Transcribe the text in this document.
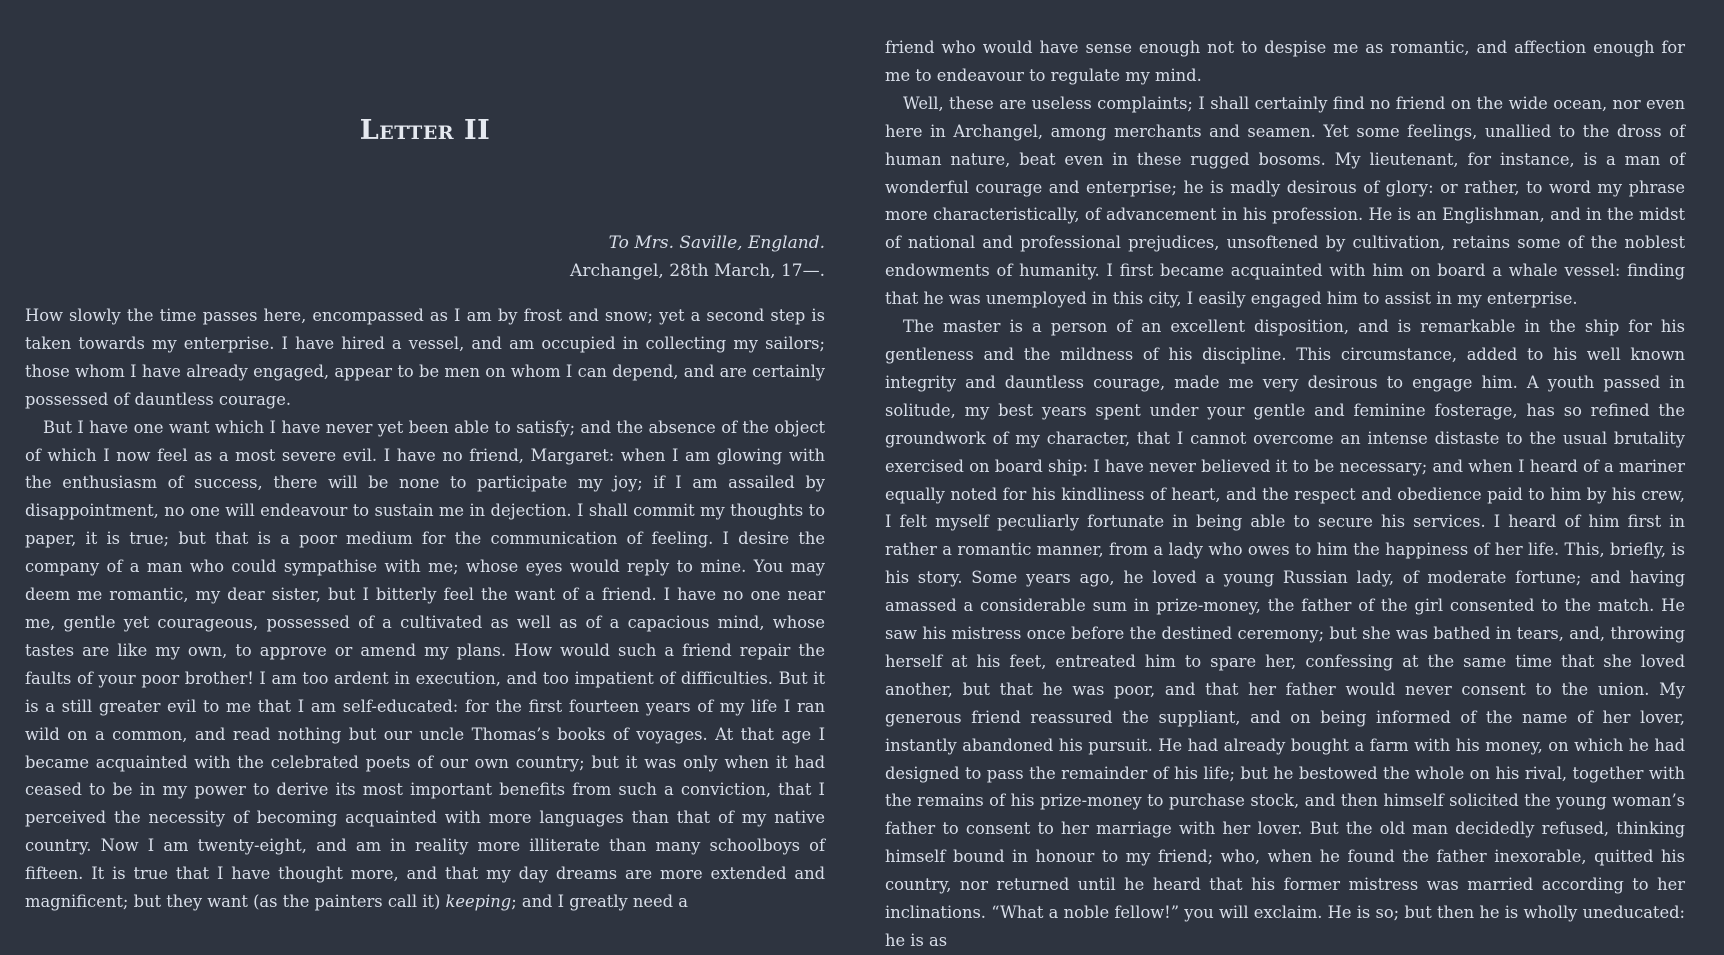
Letter II
To Mrs. Saville, England.
Archangel, 28th March, 17—.

How slowly the time passes here, encompassed as I am by frost and snow; yet a second step is taken towards my enterprise. I have hired a vessel, and am occupied in collecting my sailors; those whom I have already engaged, appear to be men on whom I can depend, and are certainly possessed of dauntless courage.

But I have one want which I have never yet been able to satisfy; and the absence of the object of which I now feel as a most severe evil. I have no friend, Margaret: when I am glowing with the enthusiasm of success, there will be none to participate my joy; if I am assailed by disappointment, no one will endeavour to sustain me in dejection. I shall commit my thoughts to paper, it is true; but that is a poor medium for the communication of feeling. I desire the company of a man who could sympathise with me; whose eyes would reply to mine. You may deem me romantic, my dear sister, but I bitterly feel the want of a friend. I have no one near me, gentle yet courageous, possessed of a cultivated as well as of a capacious mind, whose tastes are like my own, to approve or amend my plans. How would such a friend repair the faults of your poor brother! I am too ardent in execution, and too impatient of difficulties. But it is a still greater evil to me that I am self-educated: for the first fourteen years of my life I ran wild on a common, and read nothing but our uncle Thomas’s books of voyages. At that age I became acquainted with the celebrated poets of our own country; but it was only when it had ceased to be in my power to derive its most important benefits from such a conviction, that I perceived the necessity of becoming acquainted with more languages than that of my native country. Now I am twenty-eight, and am in reality more illiterate than many schoolboys of fifteen. It is true that I have thought more, and that my day dreams are more extended and magnificent; but they want (as the painters call it) keeping; and I greatly need a

friend who would have sense enough not to despise me as romantic, and affection enough for me to endeavour to regulate my mind.

Well, these are useless complaints; I shall certainly find no friend on the wide ocean, nor even here in Archangel, among merchants and seamen. Yet some feelings, unallied to the dross of human nature, beat even in these rugged bosoms. My lieutenant, for instance, is a man of wonderful courage and enterprise; he is madly desirous of glory: or rather, to word my phrase more characteristically, of advancement in his profession. He is an Englishman, and in the midst of national and professional prejudices, unsoftened by cultivation, retains some of the noblest endowments of humanity. I first became acquainted with him on board a whale vessel: finding that he was unemployed in this city, I easily engaged him to assist in my enterprise.

The master is a person of an excellent disposition, and is remarkable in the ship for his gentleness and the mildness of his discipline. This circumstance, added to his well known integrity and dauntless courage, made me very desirous to engage him. A youth passed in solitude, my best years spent under your gentle and feminine fosterage, has so refined the groundwork of my character, that I cannot overcome an intense distaste to the usual brutality exercised on board ship: I have never believed it to be necessary; and when I heard of a mariner equally noted for his kindliness of heart, and the respect and obedience paid to him by his crew, I felt myself peculiarly fortunate in being able to secure his services. I heard of him first in rather a romantic manner, from a lady who owes to him the happiness of her life. This, briefly, is his story. Some years ago, he loved a young Russian lady, of moderate fortune; and having amassed a considerable sum in prize-money, the father of the girl consented to the match. He saw his mistress once before the destined ceremony; but she was bathed in tears, and, throwing herself at his feet, entreated him to spare her, confessing at the same time that she loved another, but that he was poor, and that her father would never consent to the union. My generous friend reassured the suppliant, and on being informed of the name of her lover, instantly abandoned his pursuit. He had already bought a farm with his money, on which he had designed to pass the remainder of his life; but he bestowed the whole on his rival, together with the remains of his prize-money to purchase stock, and then himself solicited the young woman’s father to consent to her marriage with her lover. But the old man decidedly refused, thinking himself bound in honour to my friend; who, when he found the father inexorable, quitted his country, nor returned until he heard that his former mistress was married according to her inclinations. “What a noble fellow!” you will exclaim. He is so; but then he is wholly uneducated: he is as
